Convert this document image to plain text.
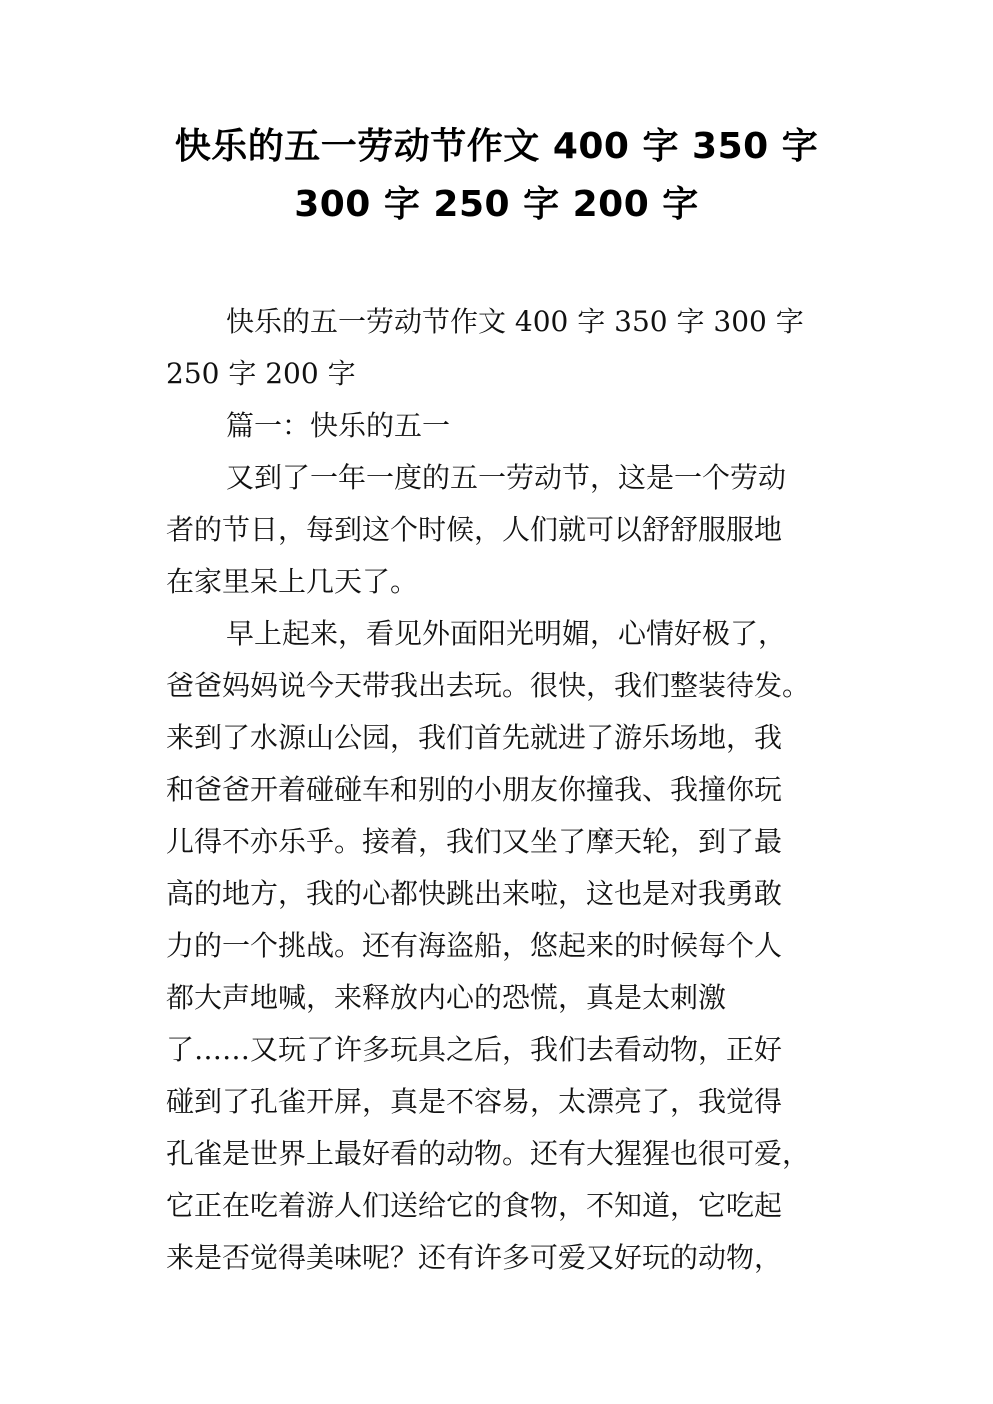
快乐的五一劳动节作文 400 字 350 字
300 字 250 字 200 字
快乐的五一劳动节作文 400 字 350 字 300 字
250 字 200 字
篇一：快乐的五一
又到了一年一度的五一劳动节，这是一个劳动
者的节日，每到这个时候，人们就可以舒舒服服地
在家里呆上几天了。
早上起来，看见外面阳光明媚，心情好极了，
爸爸妈妈说今天带我出去玩。很快，我们整装待发。
来到了水源山公园，我们首先就进了游乐场地，我
和爸爸开着碰碰车和别的小朋友你撞我、我撞你玩
儿得不亦乐乎。接着，我们又坐了摩天轮，到了最
高的地方，我的心都快跳出来啦，这也是对我勇敢
力的一个挑战。还有海盗船，悠起来的时候每个人
都大声地喊，来释放内心的恐慌，真是太刺激
了……又玩了许多玩具之后，我们去看动物，正好
碰到了孔雀开屏，真是不容易，太漂亮了，我觉得
孔雀是世界上最好看的动物。还有大猩猩也很可爱，
它正在吃着游人们送给它的食物，不知道，它吃起
来是否觉得美味呢？还有许多可爱又好玩的动物，
